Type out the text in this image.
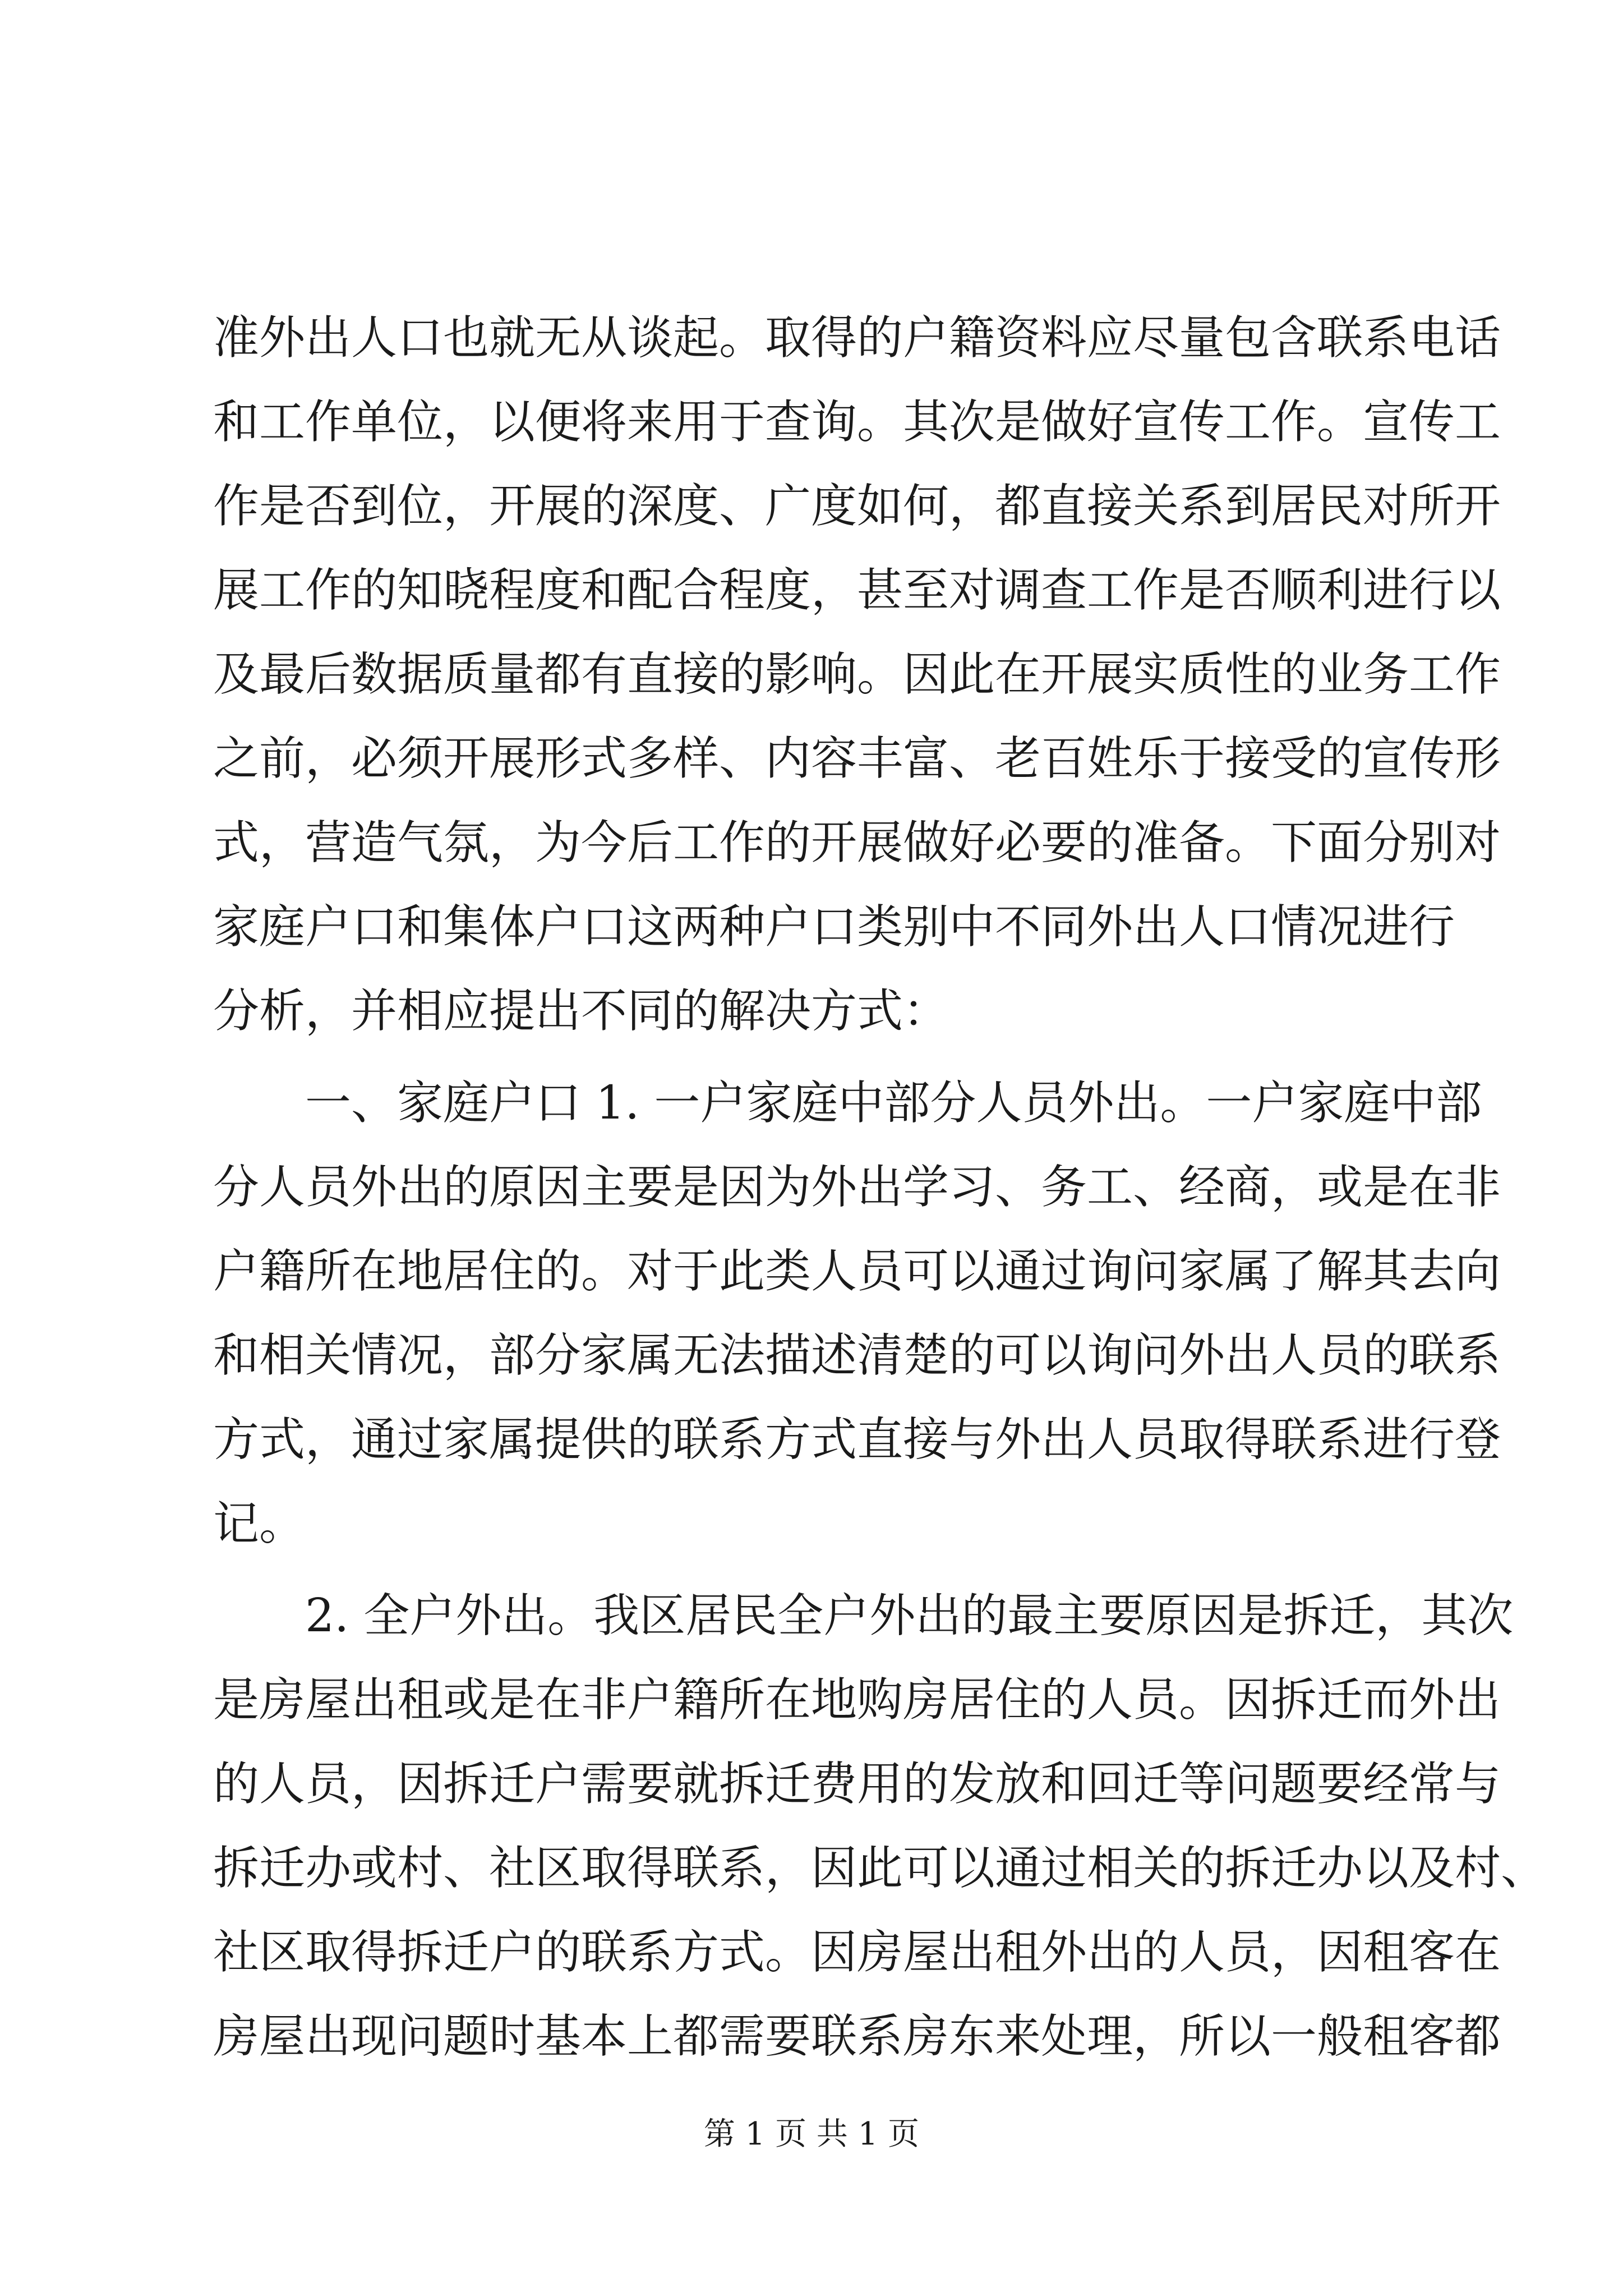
准外出人口也就无从谈起。取得的户籍资料应尽量包含联系电话
和工作单位，以便将来用于查询。其次是做好宣传工作。宣传工
作是否到位，开展的深度、广度如何，都直接关系到居民对所开
展工作的知晓程度和配合程度，甚至对调查工作是否顺利进行以
及最后数据质量都有直接的影响。因此在开展实质性的业务工作
之前，必须开展形式多样、内容丰富、老百姓乐于接受的宣传形
式，营造气氛，为今后工作的开展做好必要的准备。下面分别对
家庭户口和集体户口这两种户口类别中不同外出人口情况进行
分析，并相应提出不同的解决方式：
一、家庭户口 1. 一户家庭中部分人员外出。一户家庭中部
分人员外出的原因主要是因为外出学习、务工、经商，或是在非
户籍所在地居住的。对于此类人员可以通过询问家属了解其去向
和相关情况，部分家属无法描述清楚的可以询问外出人员的联系
方式，通过家属提供的联系方式直接与外出人员取得联系进行登
记。
2. 全户外出。我区居民全户外出的最主要原因是拆迁，其次
是房屋出租或是在非户籍所在地购房居住的人员。因拆迁而外出
的人员，因拆迁户需要就拆迁费用的发放和回迁等问题要经常与
拆迁办或村、社区取得联系，因此可以通过相关的拆迁办以及村、
社区取得拆迁户的联系方式。因房屋出租外出的人员，因租客在
房屋出现问题时基本上都需要联系房东来处理，所以一般租客都
第 1 页 共 1 页
